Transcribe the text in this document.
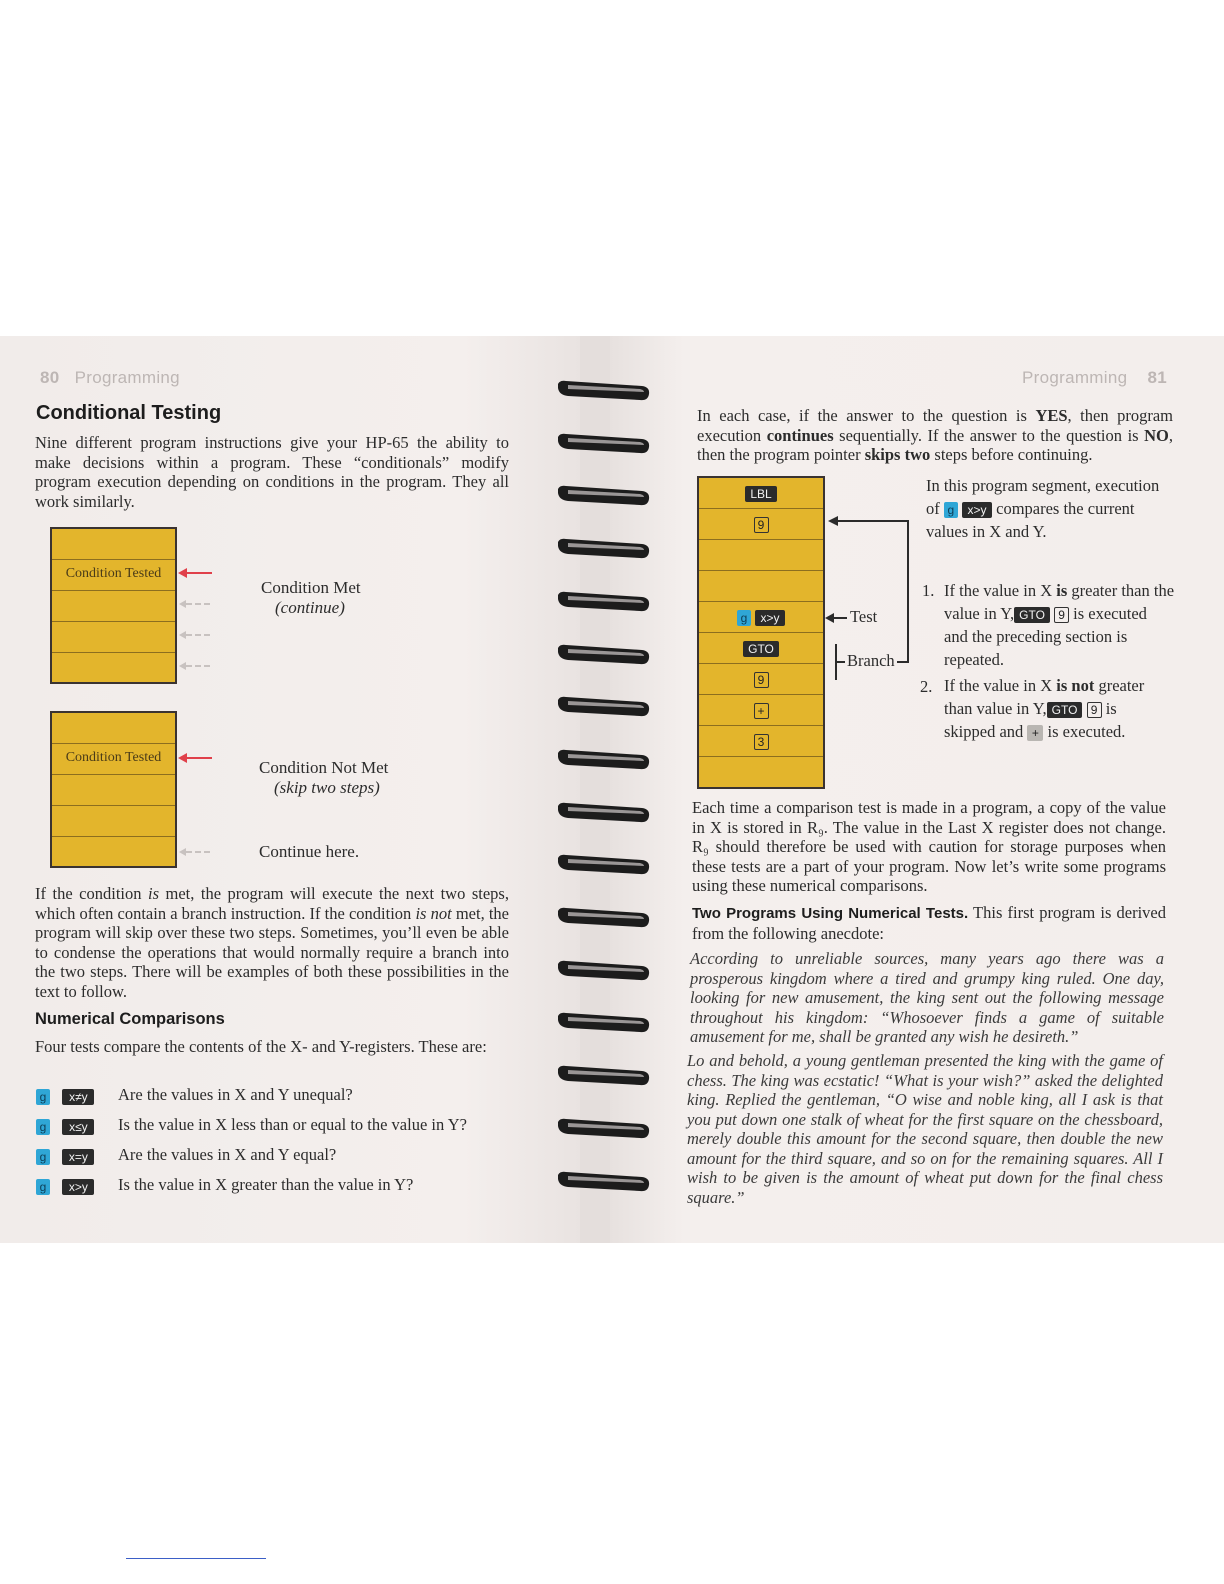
80 Programming
Conditional Testing
Nine different program instructions give your HP-65 the ability to make decisions within a program. These “conditionals” modify program execution depending on conditions in the program. They all work similarly.
Condition Tested
Condition Met
(continue)
Condition Tested
Condition Not Met
(skip two steps)
Continue here.
If the condition is met, the program will execute the next two steps, which often contain a branch instruction. If the condition is not met, the program will skip over these two steps. Sometimes, you’ll even be able to condense the operations that would normally require a branch into the two steps. There will be examples of both these possibilities in the text to follow.
Numerical Comparisons
Four tests compare the contents of the X- and Y-registers. These are:
g x≠y	Are the values in X and Y unequal?
g x≤y	Is the value in X less than or equal to the value in Y?
g x=y	Are the values in X and Y equal?
g x>y	Is the value in X greater than the value in Y?
Programming 81
In each case, if the answer to the question is YES, then program execution continues sequentially. If the answer to the question is NO, then the program pointer skips two steps before continuing.
LBL
9
g x>y
GTO
9
+
3
Test
Branch
In this program segment, execution of g x>y compares the current values in X and Y.
1. If the value in X is greater than the value in Y, GTO 9 is executed and the preceding section is repeated.
2. If the value in X is not greater than value in Y, GTO 9 is skipped and + is executed.
Each time a comparison test is made in a program, a copy of the value in X is stored in R₉. The value in the Last X register does not change. R₉ should therefore be used with caution for storage purposes when these tests are a part of your program. Now let’s write some programs using these numerical comparisons.
Two Programs Using Numerical Tests. This first program is derived from the following anecdote:
According to unreliable sources, many years ago there was a prosperous kingdom where a tired and grumpy king ruled. One day, looking for new amusement, the king sent out the following message throughout his kingdom: “Whosoever finds a game of suitable amusement for me, shall be granted any wish he desireth.”
Lo and behold, a young gentleman presented the king with the game of chess. The king was ecstatic! “What is your wish?” asked the delighted king. Replied the gentleman, “O wise and noble king, all I ask is that you put down one stalk of wheat for the first square on the chessboard, merely double this amount for the second square, then double the new amount for the third square, and so on for the remaining squares. All I wish to be given is the amount of wheat put down for the final chess square.”
